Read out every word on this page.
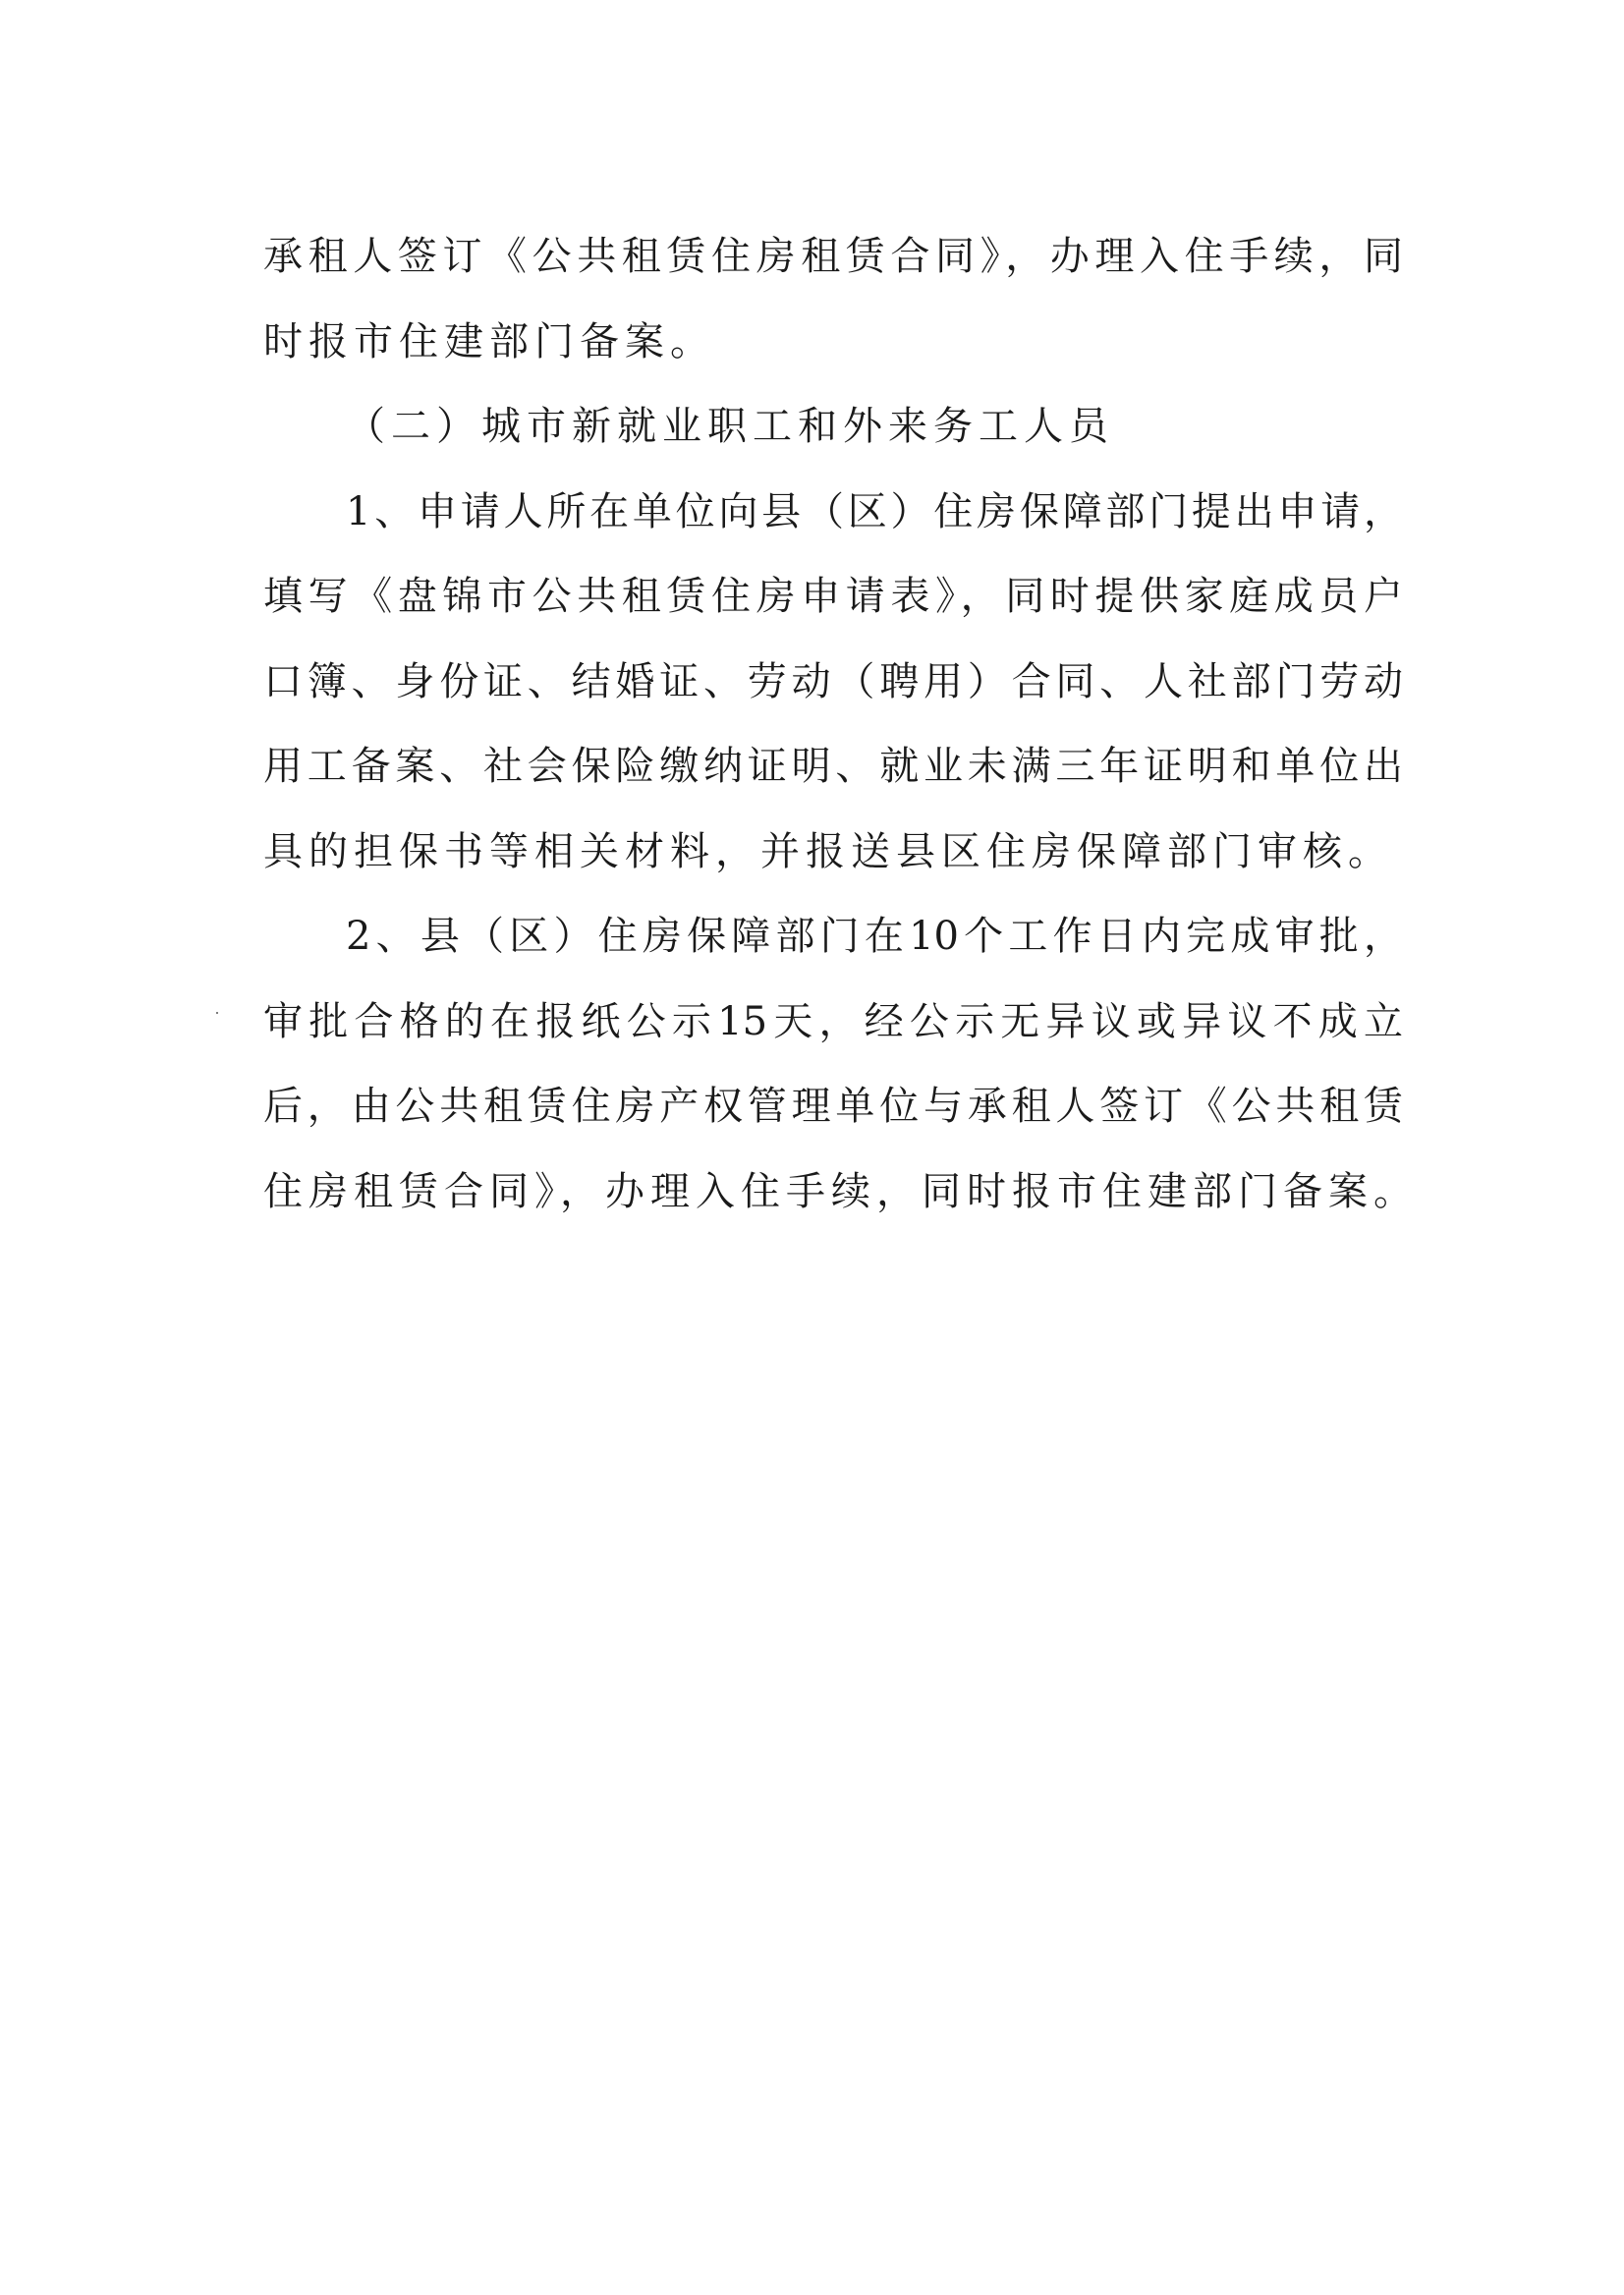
承租人签订《公共租赁住房租赁合同》，办理入住手续，同
时报市住建部门备案。
（二）城市新就业职工和外来务工人员
1、申请人所在单位向县（区）住房保障部门提出申请，
填写《盘锦市公共租赁住房申请表》，同时提供家庭成员户
口簿、身份证、结婚证、劳动（聘用）合同、人社部门劳动
用工备案、社会保险缴纳证明、就业未满三年证明和单位出
具的担保书等相关材料，并报送县区住房保障部门审核。
2、县（区）住房保障部门在10个工作日内完成审批，
审批合格的在报纸公示15天，经公示无异议或异议不成立
后，由公共租赁住房产权管理单位与承租人签订《公共租赁
住房租赁合同》，办理入住手续，同时报市住建部门备案。
